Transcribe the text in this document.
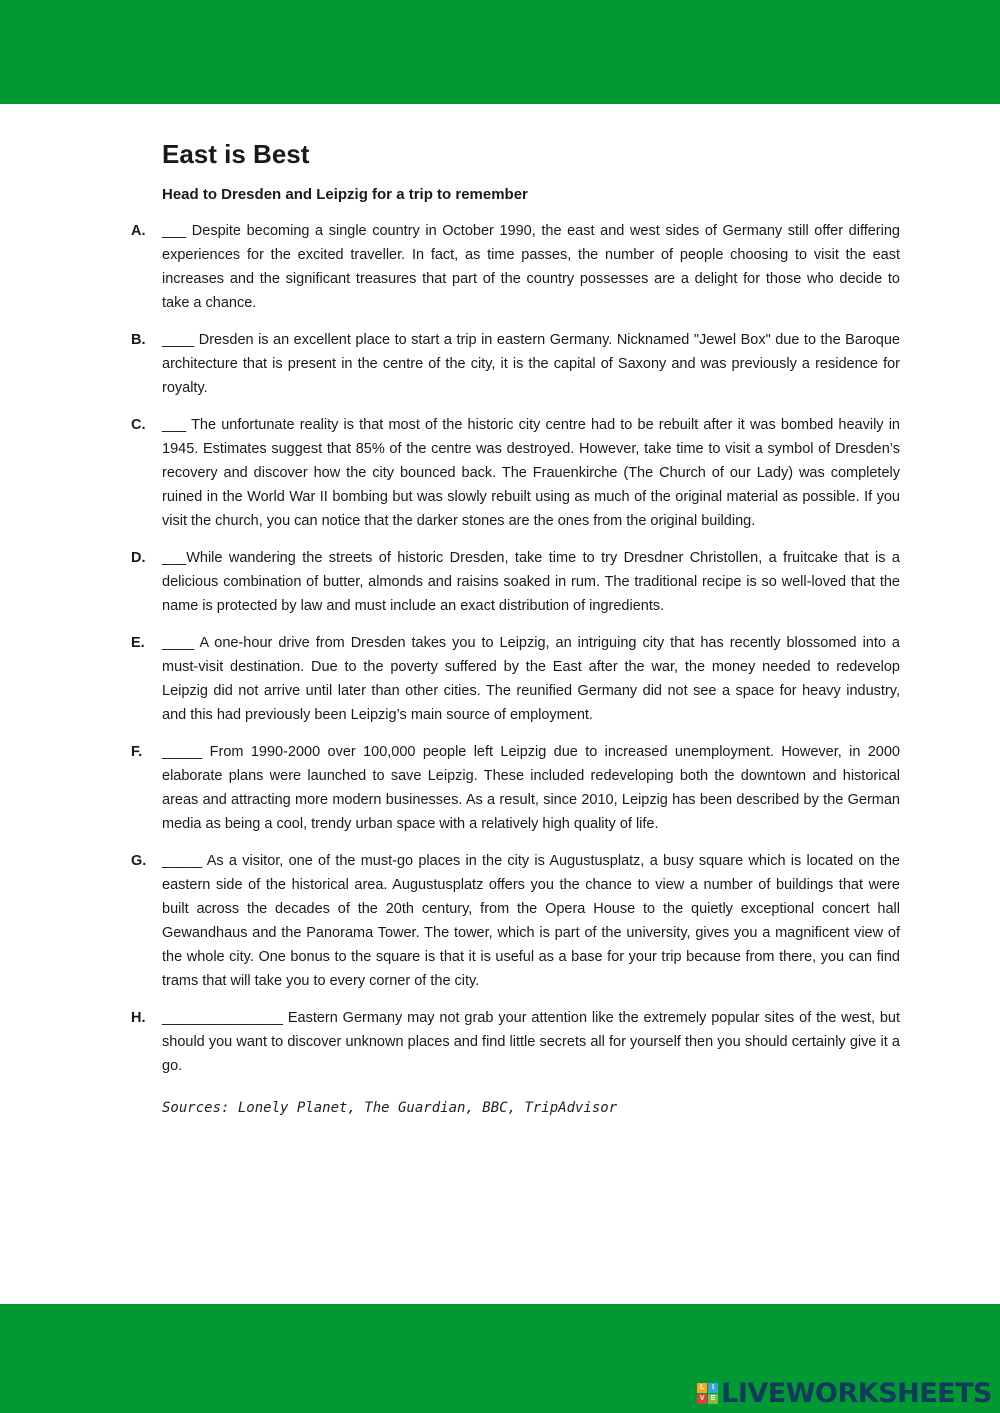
East is Best
Head to Dresden and Leipzig for a trip to remember
A. ___ Despite becoming a single country in October 1990, the east and west sides of Germany still offer differing experiences for the excited traveller. In fact, as time passes, the number of people choosing to visit the east increases and the significant treasures that part of the country possesses are a delight for those who decide to take a chance.
B. ____ Dresden is an excellent place to start a trip in eastern Germany. Nicknamed "Jewel Box" due to the Baroque architecture that is present in the centre of the city, it is the capital of Saxony and was previously a residence for royalty.
C. ___ The unfortunate reality is that most of the historic city centre had to be rebuilt after it was bombed heavily in 1945. Estimates suggest that 85% of the centre was destroyed. However, take time to visit a symbol of Dresden’s recovery and discover how the city bounced back. The Frauenkirche (The Church of our Lady) was completely ruined in the World War II bombing but was slowly rebuilt using as much of the original material as possible. If you visit the church, you can notice that the darker stones are the ones from the original building.
D. ___While wandering the streets of historic Dresden, take time to try Dresdner Christollen, a fruitcake that is a delicious combination of butter, almonds and raisins soaked in rum. The traditional recipe is so well-loved that the name is protected by law and must include an exact distribution of ingredients.
E. ____ A one-hour drive from Dresden takes you to Leipzig, an intriguing city that has recently blossomed into a must-visit destination. Due to the poverty suffered by the East after the war, the money needed to redevelop Leipzig did not arrive until later than other cities. The reunified Germany did not see a space for heavy industry, and this had previously been Leipzig’s main source of employment.
F. _____ From 1990-2000 over 100,000 people left Leipzig due to increased unemployment. However, in 2000 elaborate plans were launched to save Leipzig. These included redeveloping both the downtown and historical areas and attracting more modern businesses. As a result, since 2010, Leipzig has been described by the German media as being a cool, trendy urban space with a relatively high quality of life.
G. _____ As a visitor, one of the must-go places in the city is Augustusplatz, a busy square which is located on the eastern side of the historical area. Augustusplatz offers you the chance to view a number of buildings that were built across the decades of the 20th century, from the Opera House to the quietly exceptional concert hall Gewandhaus and the Panorama Tower. The tower, which is part of the university, gives you a magnificent view of the whole city. One bonus to the square is that it is useful as a base for your trip because from there, you can find trams that will take you to every corner of the city.
H. _______________ Eastern Germany may not grab your attention like the extremely popular sites of the west, but should you want to discover unknown places and find little secrets all for yourself then you should certainly give it a go.
Sources: Lonely Planet, The Guardian, BBC, TripAdvisor
L	I
V E LIVEWORKSHEETS
